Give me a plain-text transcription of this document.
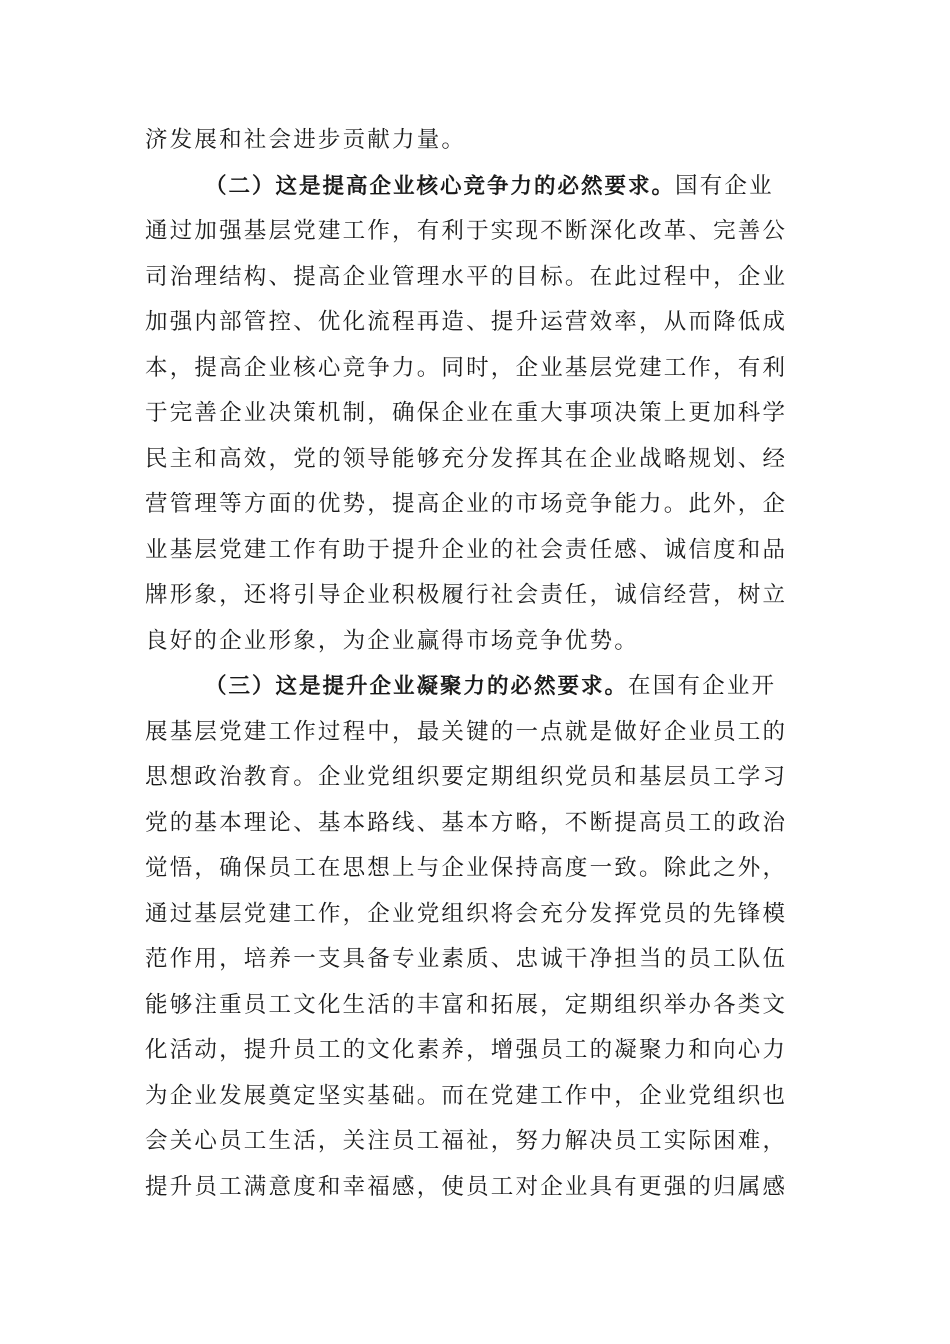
济发展和社会进步贡献力量。
（二）这是提高企业核心竞争力的必然要求。国有企业
通过加强基层党建工作，有利于实现不断深化改革、完善公
司治理结构、提高企业管理水平的目标。在此过程中，企业
加强内部管控、优化流程再造、提升运营效率，从而降低成
本，提高企业核心竞争力。同时，企业基层党建工作，有利
于完善企业决策机制，确保企业在重大事项决策上更加科学
民主和高效，党的领导能够充分发挥其在企业战略规划、经
营管理等方面的优势，提高企业的市场竞争能力。此外，企
业基层党建工作有助于提升企业的社会责任感、诚信度和品
牌形象，还将引导企业积极履行社会责任，诚信经营，树立
良好的企业形象，为企业赢得市场竞争优势。
（三）这是提升企业凝聚力的必然要求。在国有企业开
展基层党建工作过程中，最关键的一点就是做好企业员工的
思想政治教育。企业党组织要定期组织党员和基层员工学习
党的基本理论、基本路线、基本方略，不断提高员工的政治
觉悟，确保员工在思想上与企业保持高度一致。除此之外，
通过基层党建工作，企业党组织将会充分发挥党员的先锋模
范作用，培养一支具备专业素质、忠诚干净担当的员工队伍
能够注重员工文化生活的丰富和拓展，定期组织举办各类文
化活动，提升员工的文化素养，增强员工的凝聚力和向心力
为企业发展奠定坚实基础。而在党建工作中，企业党组织也
会关心员工生活，关注员工福祉，努力解决员工实际困难，
提升员工满意度和幸福感，使员工对企业具有更强的归属感
